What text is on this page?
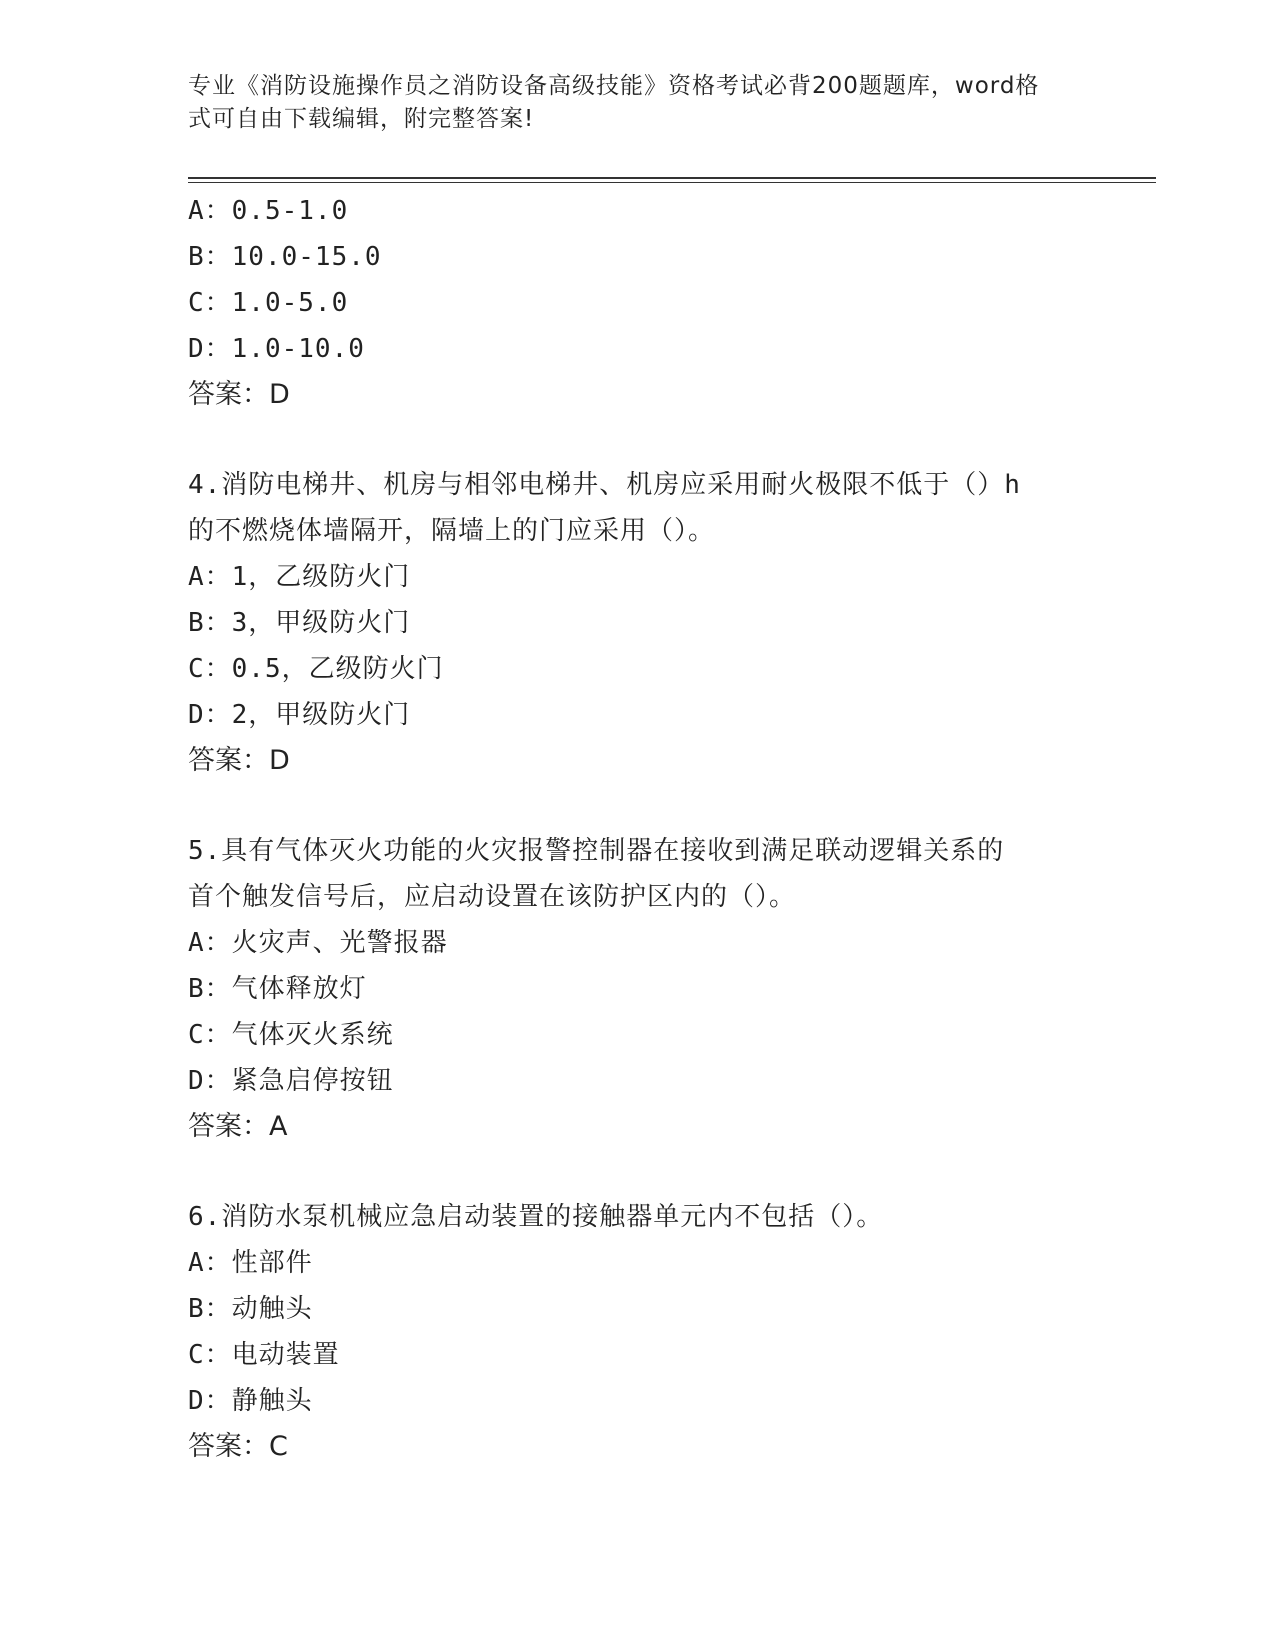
专业《消防设施操作员之消防设备高级技能》资格考试必背200题题库，word格
式可自由下载编辑，附完整答案!
A：0.5-1.0
B：10.0-15.0
C：1.0-5.0
D：1.0-10.0
答案：D
4.消防电梯井、机房与相邻电梯井、机房应采用耐火极限不低于（）h
的不燃烧体墙隔开，隔墙上的门应采用（）。
A：1，乙级防火门
B：3，甲级防火门
C：0.5，乙级防火门
D：2，甲级防火门
答案：D
5.具有气体灭火功能的火灾报警控制器在接收到满足联动逻辑关系的
首个触发信号后，应启动设置在该防护区内的（）。
A：火灾声、光警报器
B：气体释放灯
C：气体灭火系统
D：紧急启停按钮
答案：A
6.消防水泵机械应急启动装置的接触器单元内不包括（）。
A：性部件
B：动触头
C：电动装置
D：静触头
答案：C
